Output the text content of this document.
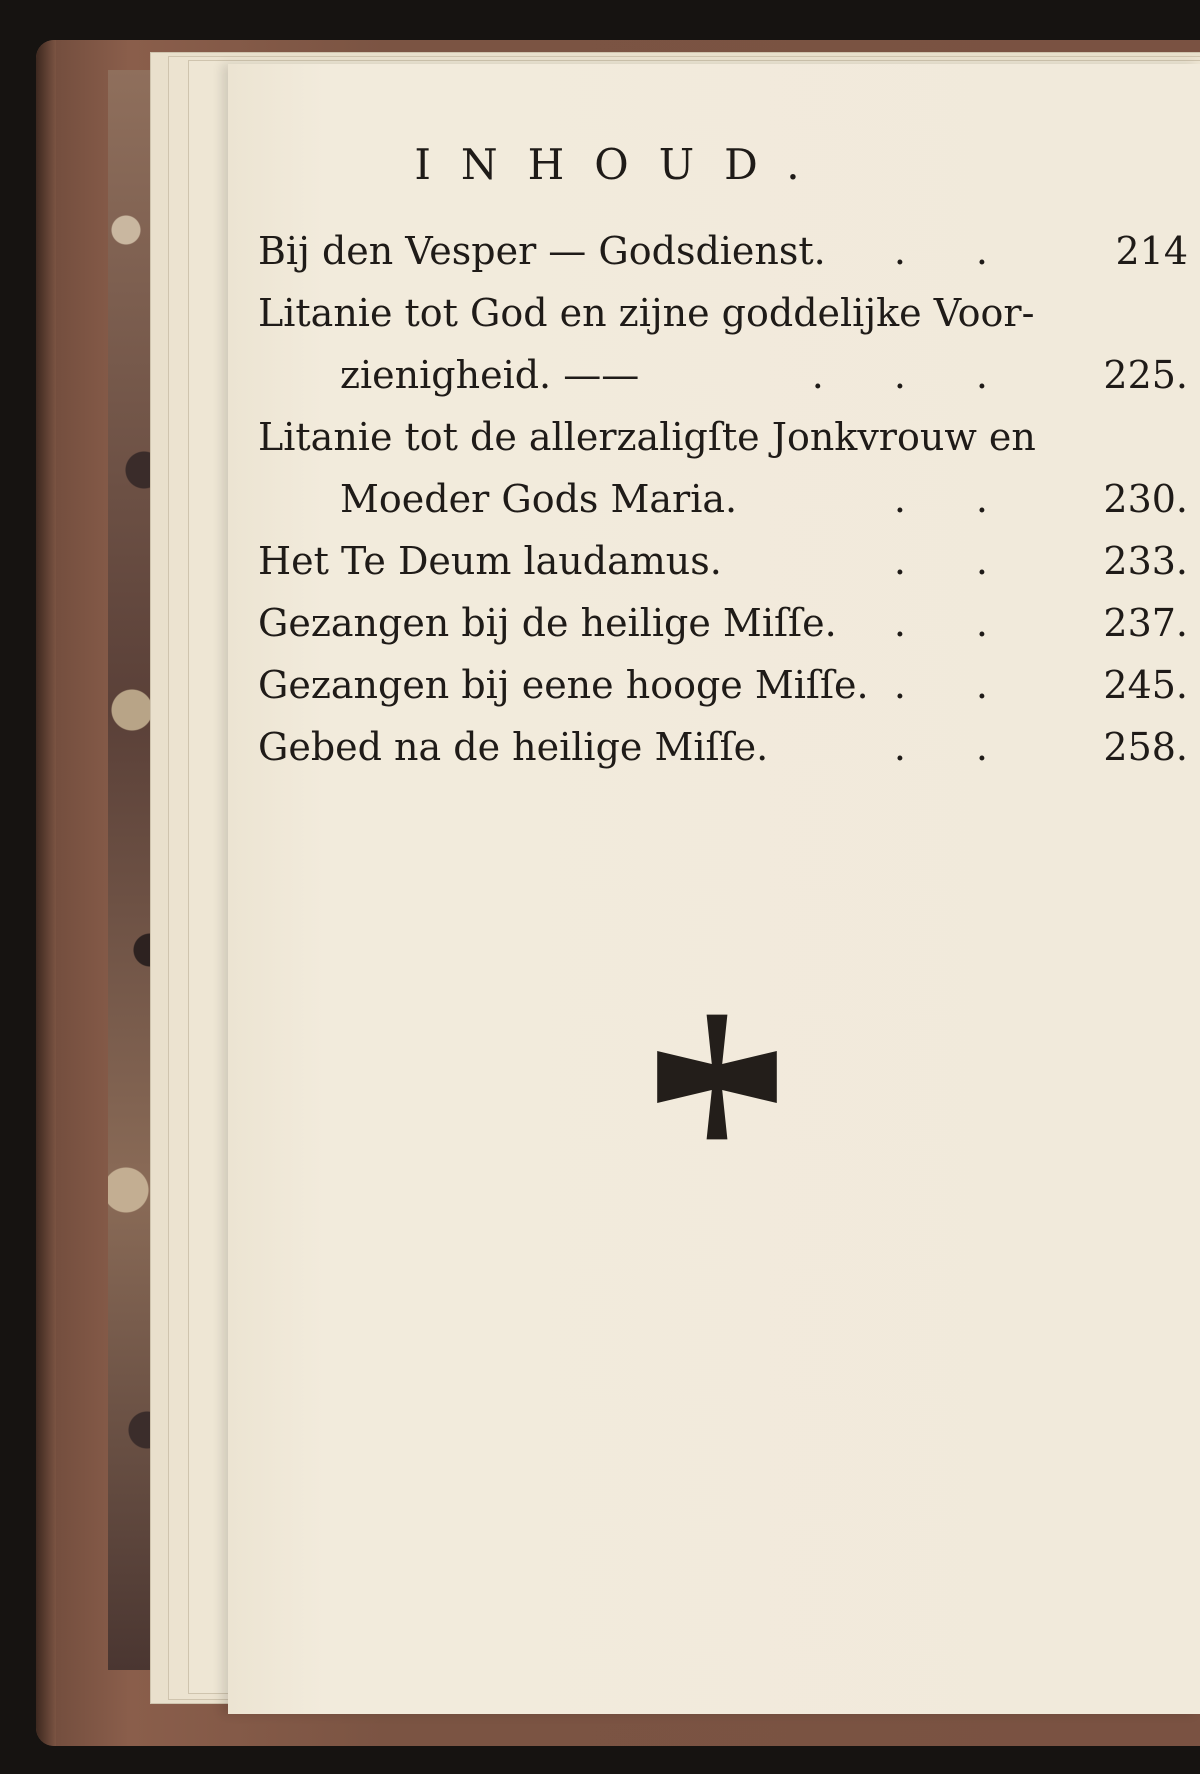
INHOUD.
Bij den Vesper — Godsdienst. .. 214
Litanie tot God en zijne goddelijke Voor-
zienigheid. ——	... 225.
Litanie tot de allerzaligſte Jonkvrouw en
Moeder Gods Maria.	.. 230.
Het Te Deum laudamus.	.. 233.
Gezangen bij de heilige Miſſe. .. 237.
Gezangen bij eene hooge Miſſe. .. 245.
Gebed na de heilige Miſſe.	.. 258.
